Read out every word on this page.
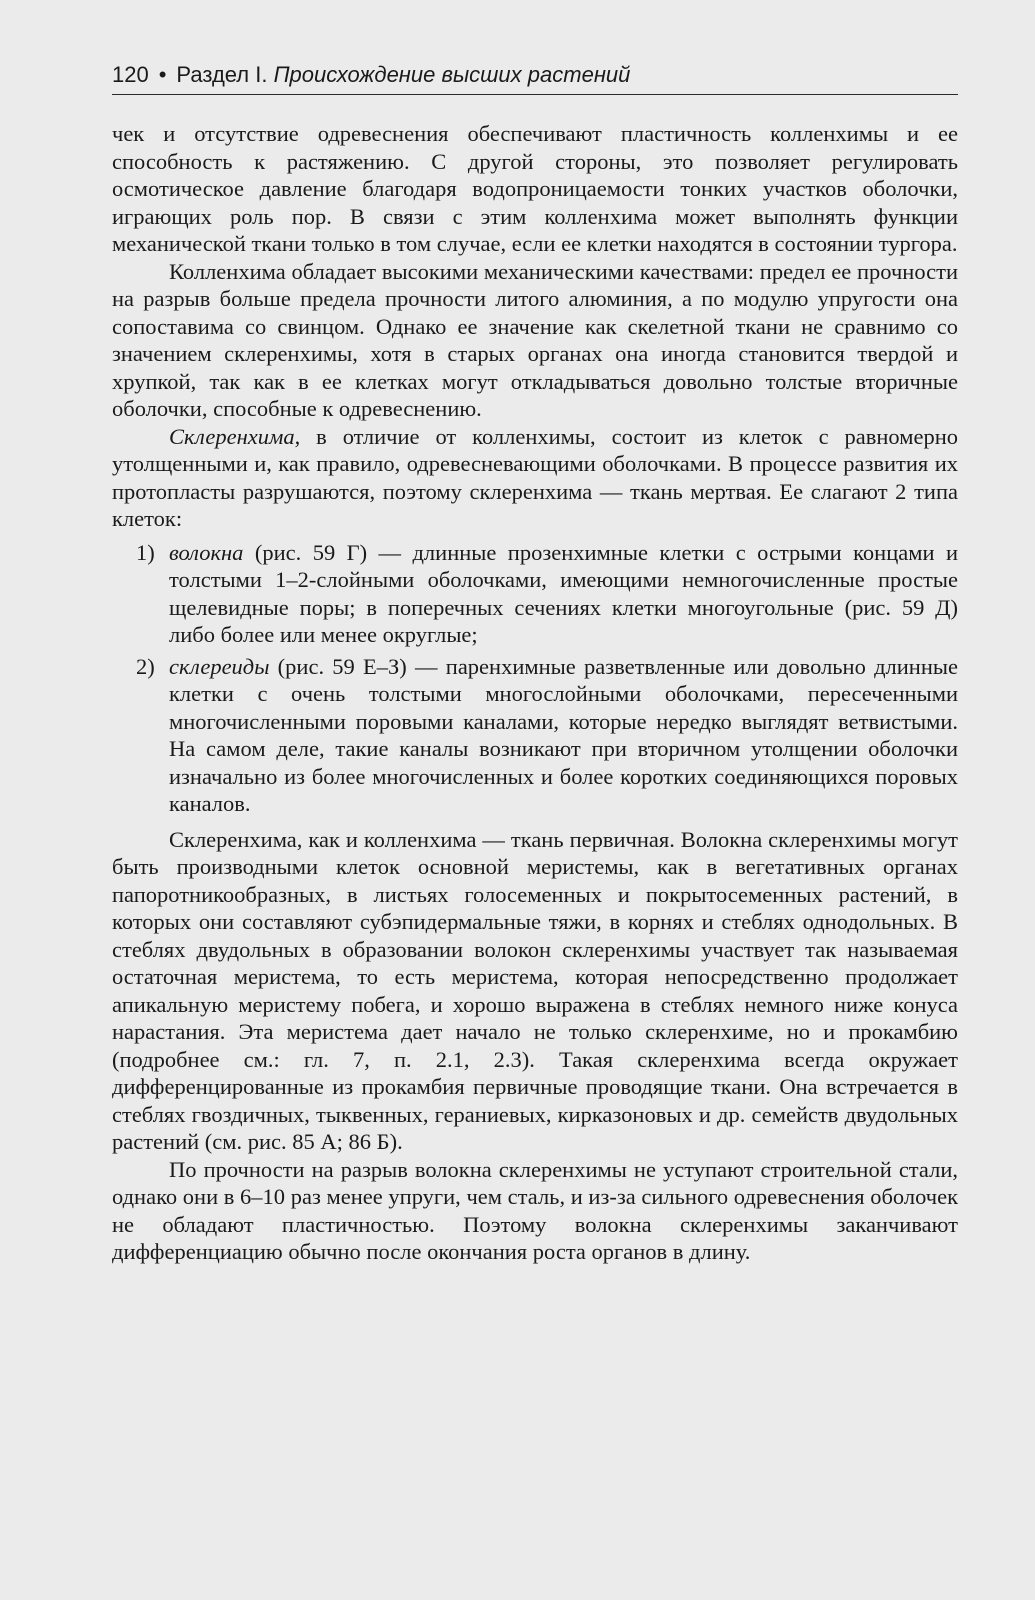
120 • Раздел I. Происхождение высших растений

чек и отсутствие одревеснения обеспечивают пластичность колленхимы и ее способность к растяжению. С другой стороны, это позволяет регулировать осмотическое давление благодаря водопроницаемости тонких участков оболочки, играющих роль пор. В связи с этим колленхима может выполнять функции механической ткани только в том случае, если ее клетки находятся в состоянии тургора.

Колленхима обладает высокими механическими качествами: предел ее прочности на разрыв больше предела прочности литого алюминия, а по модулю упругости она сопоставима со свинцом. Однако ее значение как скелетной ткани не сравнимо со значением склеренхимы, хотя в старых органах она иногда становится твердой и хрупкой, так как в ее клетках могут откладываться довольно толстые вторичные оболочки, способные к одревеснению.

Склеренхима, в отличие от колленхимы, состоит из клеток с равномерно утолщенными и, как правило, одревесневающими оболочками. В процессе развития их протопласты разрушаются, поэтому склеренхима — ткань мертвая. Ее слагают 2 типа клеток:

1) волокна (рис. 59 Г) — длинные прозенхимные клетки с острыми концами и толстыми 1–2-слойными оболочками, имеющими немногочисленные простые щелевидные поры; в поперечных сечениях клетки многоугольные (рис. 59 Д) либо более или менее округлые;
2) склереиды (рис. 59 Е–З) — паренхимные разветвленные или довольно длинные клетки с очень толстыми многослойными оболочками, пересеченными многочисленными поровыми каналами, которые нередко выглядят ветвистыми. На самом деле, такие каналы возникают при вторичном утолщении оболочки изначально из более многочисленных и более коротких соединяющихся поровых каналов.

Склеренхима, как и колленхима — ткань первичная. Волокна склеренхимы могут быть производными клеток основной меристемы, как в вегетативных органах папоротникообразных, в листьях голосеменных и покрытосеменных растений, в которых они составляют субэпидермальные тяжи, в корнях и стеблях однодольных. В стеблях двудольных в образовании волокон склеренхимы участвует так называемая остаточная меристема, то есть меристема, которая непосредственно продолжает апикальную меристему побега, и хорошо выражена в стеблях немного ниже конуса нарастания. Эта меристема дает начало не только склеренхиме, но и прокамбию (подробнее см.: гл. 7, п. 2.1, 2.3). Такая склеренхима всегда окружает дифференцированные из прокамбия первичные проводящие ткани. Она встречается в стеблях гвоздичных, тыквенных, гераниевых, кирказоновых и др. семейств двудольных растений (см. рис. 85 А; 86 Б).

По прочности на разрыв волокна склеренхимы не уступают строительной стали, однако они в 6–10 раз менее упруги, чем сталь, и из-за сильного одревеснения оболочек не обладают пластичностью. Поэтому волокна склеренхимы заканчивают дифференциацию обычно после окончания роста органов в длину.
